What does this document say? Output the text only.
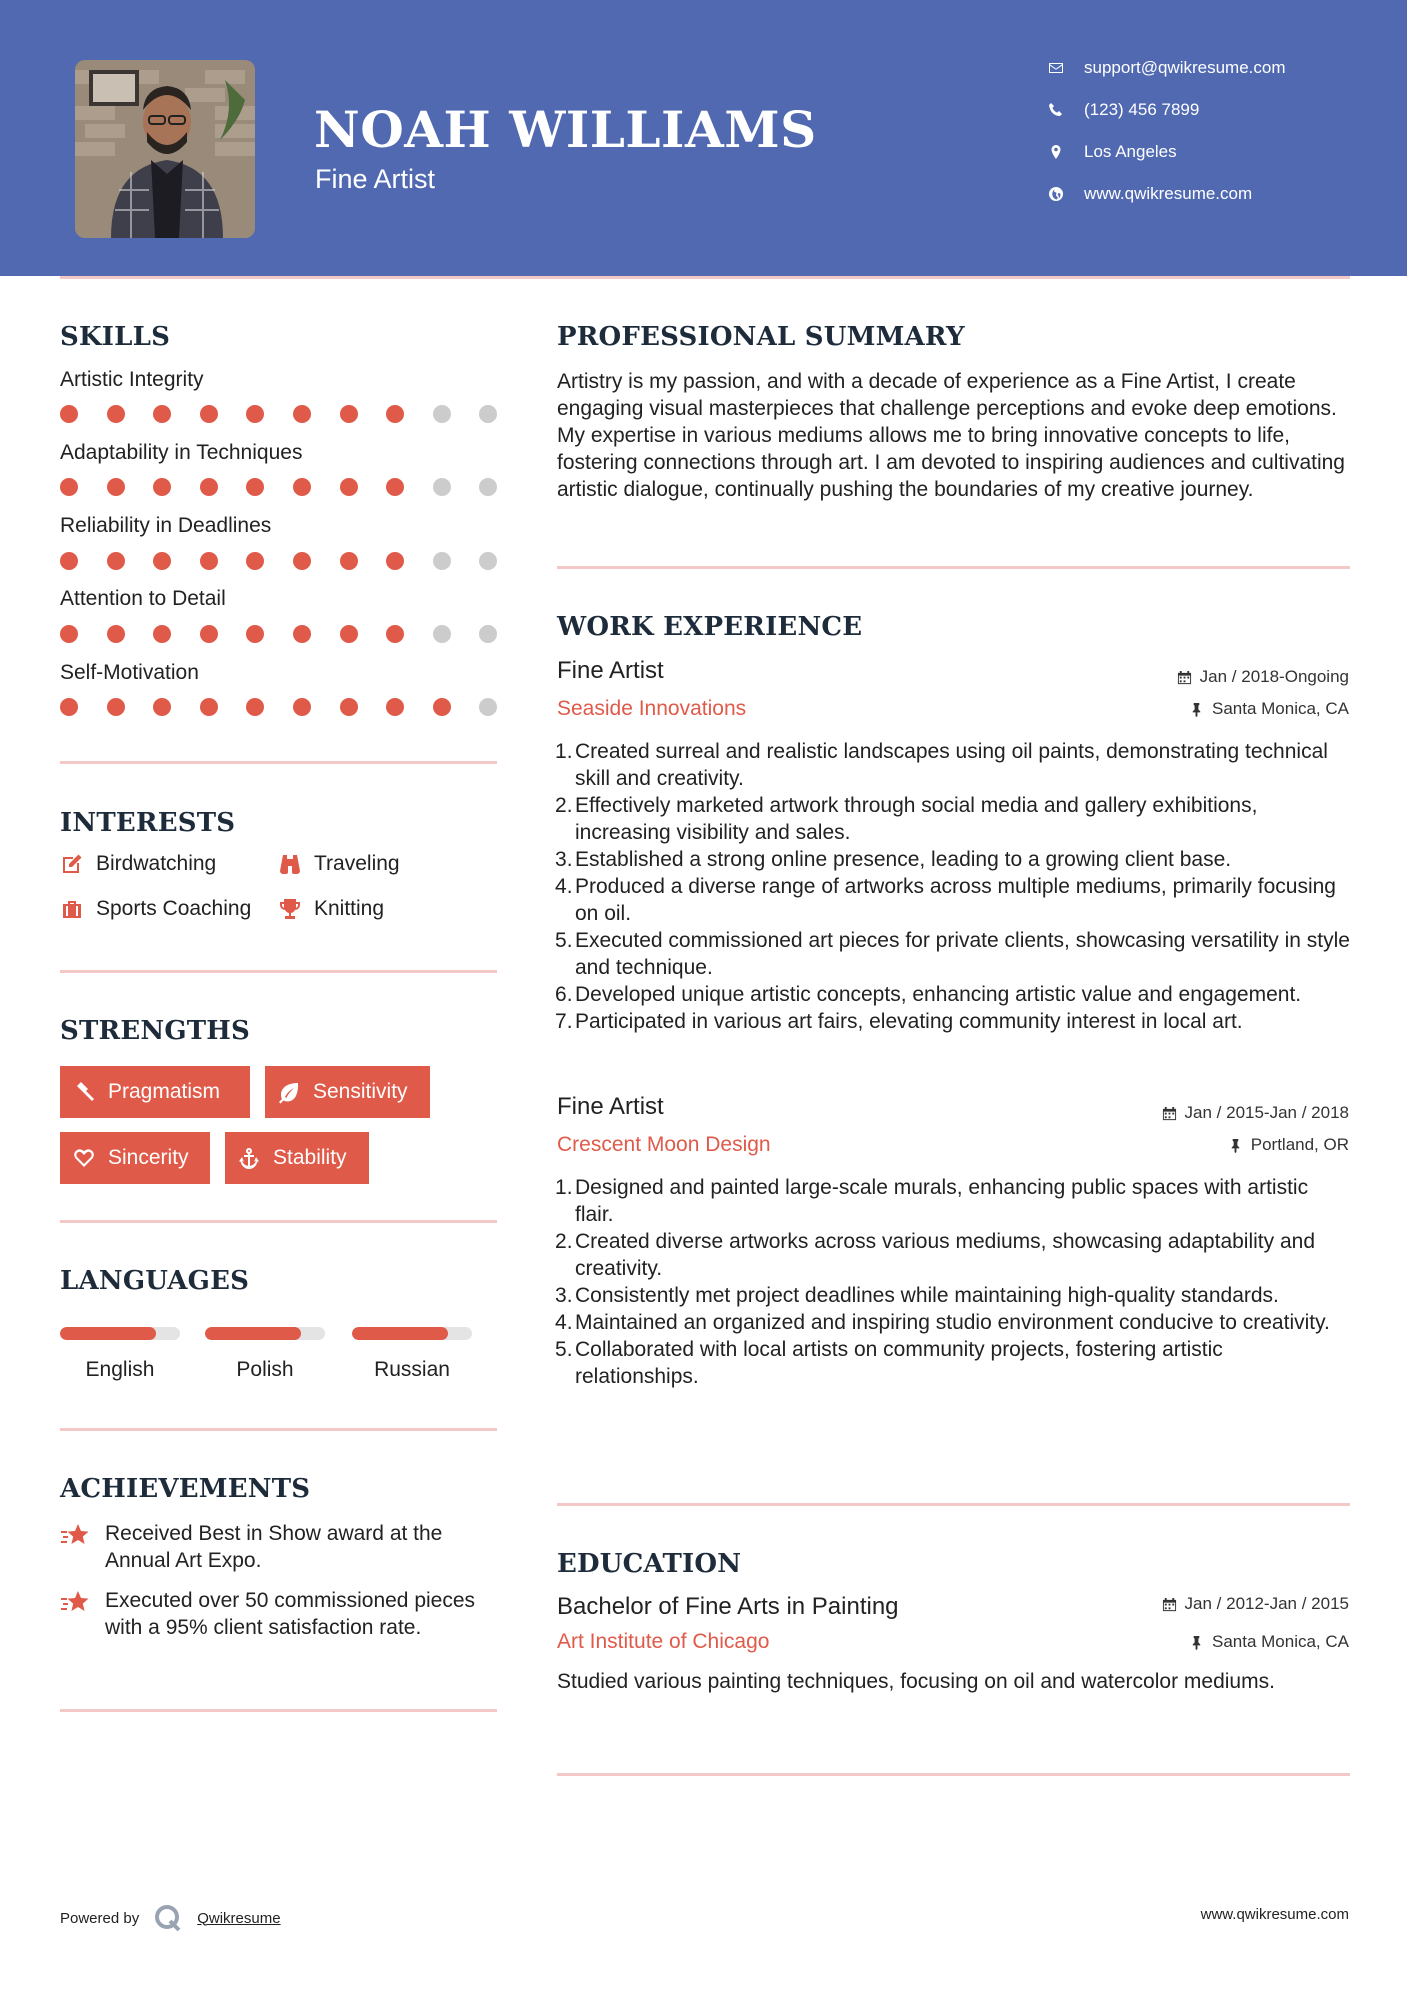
NOAH WILLIAMS
Fine Artist
support@qwikresume.com
(123) 456 7899
Los Angeles
www.qwikresume.com
SKILLS
Artistic Integrity
Adaptability in Techniques
Reliability in Deadlines
Attention to Detail
Self-Motivation
INTERESTS
Birdwatching	Traveling
Sports Coaching	Knitting
STRENGTHS
Pragmatism	Sensitivity
Sincerity	Stability
LANGUAGES
English	Polish	Russian
ACHIEVEMENTS
Received Best in Show award at the Annual Art Expo.
Executed over 50 commissioned pieces with a 95% client satisfaction rate.
PROFESSIONAL SUMMARY
Artistry is my passion, and with a decade of experience as a Fine Artist, I create engaging visual masterpieces that challenge perceptions and evoke deep emotions. My expertise in various mediums allows me to bring innovative concepts to life, fostering connections through art. I am devoted to inspiring audiences and cultivating artistic dialogue, continually pushing the boundaries of my creative journey.
WORK EXPERIENCE
Fine Artist	Jan / 2018-Ongoing
Seaside Innovations	Santa Monica, CA
Created surreal and realistic landscapes using oil paints, demonstrating technical skill and creativity.
Effectively marketed artwork through social media and gallery exhibitions, increasing visibility and sales.
Established a strong online presence, leading to a growing client base.
Produced a diverse range of artworks across multiple mediums, primarily focusing on oil.
Executed commissioned art pieces for private clients, showcasing versatility in style and technique.
Developed unique artistic concepts, enhancing artistic value and engagement.
Participated in various art fairs, elevating community interest in local art.
Fine Artist	Jan / 2015-Jan / 2018
Crescent Moon Design	Portland, OR
Designed and painted large-scale murals, enhancing public spaces with artistic flair.
Created diverse artworks across various mediums, showcasing adaptability and creativity.
Consistently met project deadlines while maintaining high-quality standards.
Maintained an organized and inspiring studio environment conducive to creativity.
Collaborated with local artists on community projects, fostering artistic relationships.
EDUCATION
Bachelor of Fine Arts in Painting	Jan / 2012-Jan / 2015
Art Institute of Chicago	Santa Monica, CA
Studied various painting techniques, focusing on oil and watercolor mediums.
Powered by	Qwikresume	www.qwikresume.com
